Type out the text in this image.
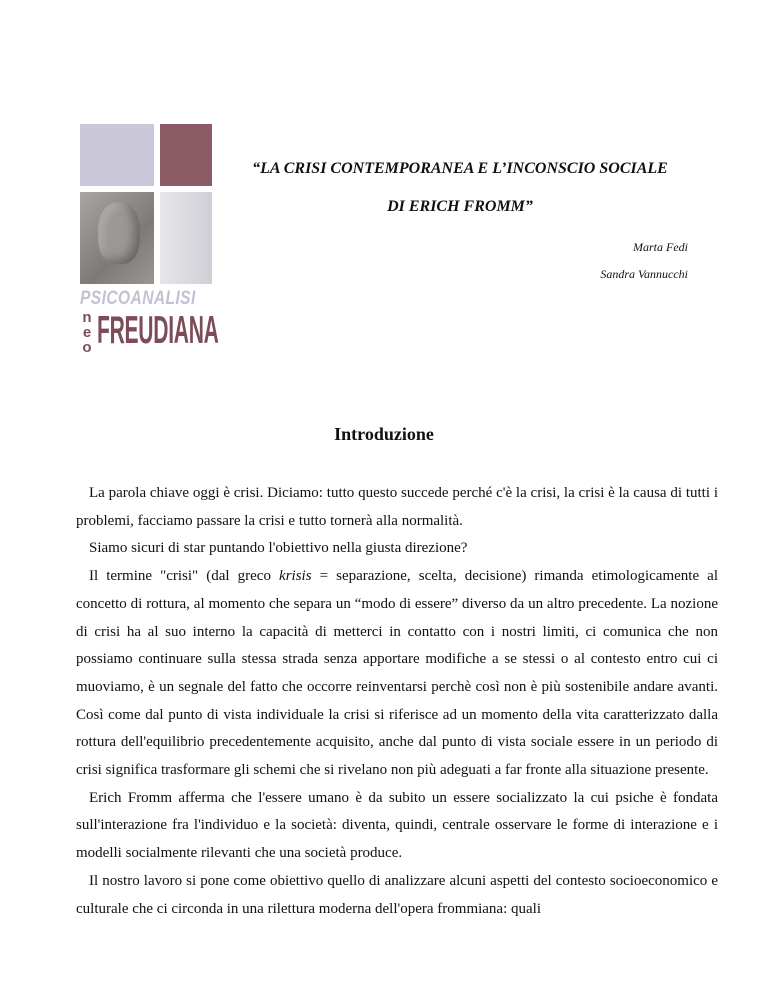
PSICOANALISI
n
e
o FREUDIANA
“LA CRISI CONTEMPORANEA E L’INCONSCIO SOCIALE
DI ERICH FROMM”
Marta Fedi
Sandra Vannucchi
Introduzione

La parola chiave oggi è crisi. Diciamo: tutto questo succede perché c'è la crisi, la crisi è la causa di tutti i problemi, facciamo passare la crisi e tutto tornerà alla normalità.

Siamo sicuri di star puntando l'obiettivo nella giusta direzione?

Il termine "crisi" (dal greco krisis = separazione, scelta, decisione) rimanda etimologicamente al concetto di rottura, al momento che separa un “modo di essere” diverso da un altro precedente. La nozione di crisi ha al suo interno la capacità di metterci in contatto con i nostri limiti, ci comunica che non possiamo continuare sulla stessa strada senza apportare modifiche a se stessi o al contesto entro cui ci muoviamo, è un segnale del fatto che occorre reinventarsi perchè così non è più sostenibile andare avanti. Così come dal punto di vista individuale la crisi si riferisce ad un momento della vita caratterizzato dalla rottura dell'equilibrio precedentemente acquisito, anche dal punto di vista sociale essere in un periodo di crisi significa trasformare gli schemi che si rivelano non più adeguati a far fronte alla situazione presente.

Erich Fromm afferma che l'essere umano è da subito un essere socializzato la cui psiche è fondata sull'interazione fra l'individuo e la società: diventa, quindi, centrale osservare le forme di interazione e i modelli socialmente rilevanti che una società produce.

Il nostro lavoro si pone come obiettivo quello di analizzare alcuni aspetti del contesto socioeconomico e culturale che ci circonda in una rilettura moderna dell'opera frommiana: quali
